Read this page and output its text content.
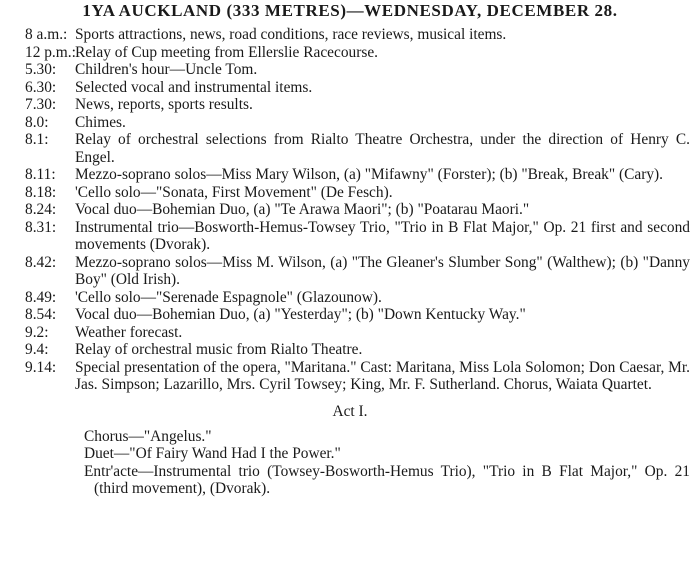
1YA AUCKLAND (333 METRES)—WEDNESDAY, DECEMBER 28.
8 a.m.: Sports attractions, news, road conditions, race reviews, musical items.
12 p.m.: Relay of Cup meeting from Ellerslie Racecourse.
5.30: Children's hour—Uncle Tom.
6.30: Selected vocal and instrumental items.
7.30: News, reports, sports results.
8.0: Chimes.
8.1: Relay of orchestral selections from Rialto Theatre Orchestra, under the direction of Henry C. Engel.
8.11: Mezzo-soprano solos—Miss Mary Wilson, (a) "Mifawny" (Forster); (b) "Break, Break" (Cary).
8.18: 'Cello solo—"Sonata, First Movement" (De Fesch).
8.24: Vocal duo—Bohemian Duo, (a) "Te Arawa Maori"; (b) "Poatarau Maori."
8.31: Instrumental trio—Bosworth-Hemus-Towsey Trio, "Trio in B Flat Major," Op. 21 first and second movements (Dvorak).
8.42: Mezzo-soprano solos—Miss M. Wilson, (a) "The Gleaner's Slumber Song" (Walthew); (b) "Danny Boy" (Old Irish).
8.49: 'Cello solo—"Serenade Espagnole" (Glazounow).
8.54: Vocal duo—Bohemian Duo, (a) "Yesterday"; (b) "Down Kentucky Way."
9.2: Weather forecast.
9.4: Relay of orchestral music from Rialto Theatre.
9.14: Special presentation of the opera, "Maritana." Cast: Maritana, Miss Lola Solomon; Don Caesar, Mr. Jas. Simpson; Lazarillo, Mrs. Cyril Towsey; King, Mr. F. Sutherland. Chorus, Waiata Quartet.
Act I.
Chorus—"Angelus."
Duet—"Of Fairy Wand Had I the Power."
Entr'acte—Instrumental trio (Towsey-Bosworth-Hemus Trio), "Trio in B Flat Major," Op. 21 (third movement), (Dvorak).
